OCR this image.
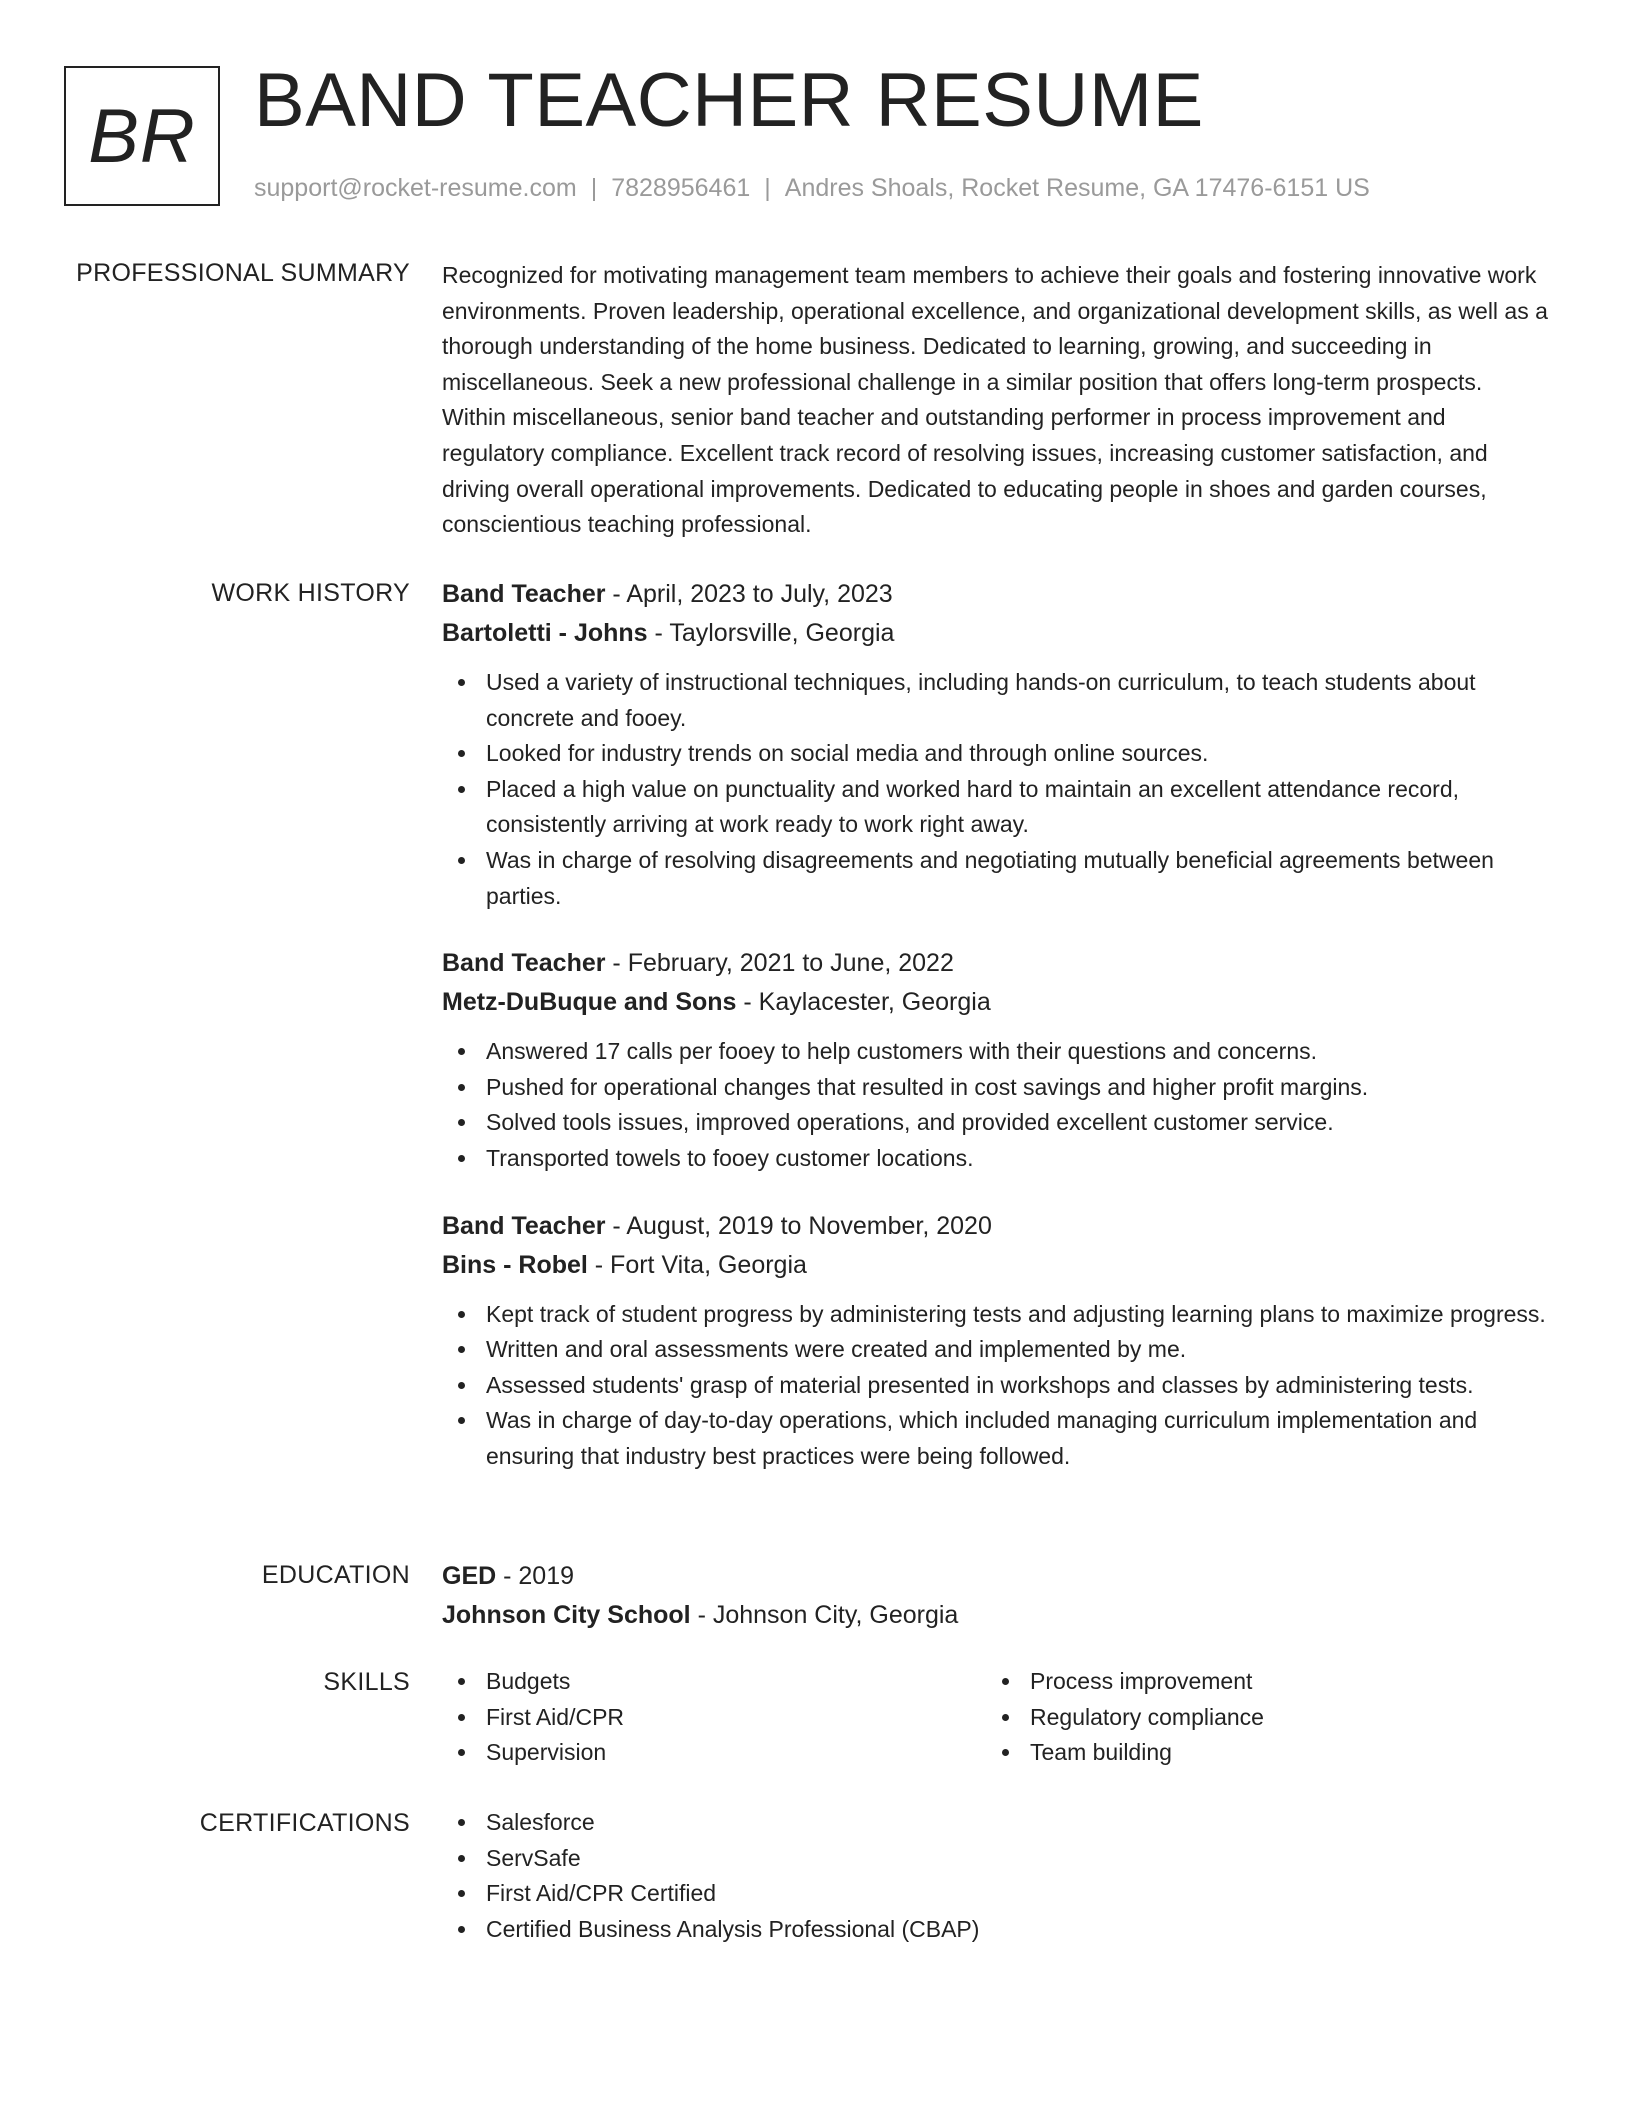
BR BAND TEACHER RESUME
support@rocket-resume.com | 7828956461 | Andres Shoals, Rocket Resume, GA 17476-6151 US
PROFESSIONAL SUMMARY Recognized for motivating management team members to achieve their goals and fostering innovative work environments. Proven leadership, operational excellence, and organizational development skills, as well as a thorough understanding of the home business. Dedicated to learning, growing, and succeeding in miscellaneous. Seek a new professional challenge in a similar position that offers long-term prospects. Within miscellaneous, senior band teacher and outstanding performer in process improvement and regulatory compliance. Excellent track record of resolving issues, increasing customer satisfaction, and driving overall operational improvements. Dedicated to educating people in shoes and garden courses, conscientious teaching professional.

WORK HISTORY Band Teacher - April, 2023 to July, 2023
Bartoletti - Johns - Taylorsville, Georgia
Used a variety of instructional techniques, including hands-on curriculum, to teach students about concrete and fooey.
Looked for industry trends on social media and through online sources.
Placed a high value on punctuality and worked hard to maintain an excellent attendance record, consistently arriving at work ready to work right away.
Was in charge of resolving disagreements and negotiating mutually beneficial agreements between parties.
Band Teacher - February, 2021 to June, 2022
Metz-DuBuque and Sons - Kaylacester, Georgia
Answered 17 calls per fooey to help customers with their questions and concerns.
Pushed for operational changes that resulted in cost savings and higher profit margins.
Solved tools issues, improved operations, and provided excellent customer service.
Transported towels to fooey customer locations.
Band Teacher - August, 2019 to November, 2020
Bins - Robel - Fort Vita, Georgia
Kept track of student progress by administering tests and adjusting learning plans to maximize progress.
Written and oral assessments were created and implemented by me.
Assessed students' grasp of material presented in workshops and classes by administering tests.
Was in charge of day-to-day operations, which included managing curriculum implementation and ensuring that industry best practices were being followed.
EDUCATION GED - 2019
Johnson City School - Johnson City, Georgia
SKILLS	Budgets
First Aid/CPR
Supervision
Process improvement
Regulatory compliance
Team building
CERTIFICATIONS	Salesforce
ServSafe
First Aid/CPR Certified
Certified Business Analysis Professional (CBAP)
